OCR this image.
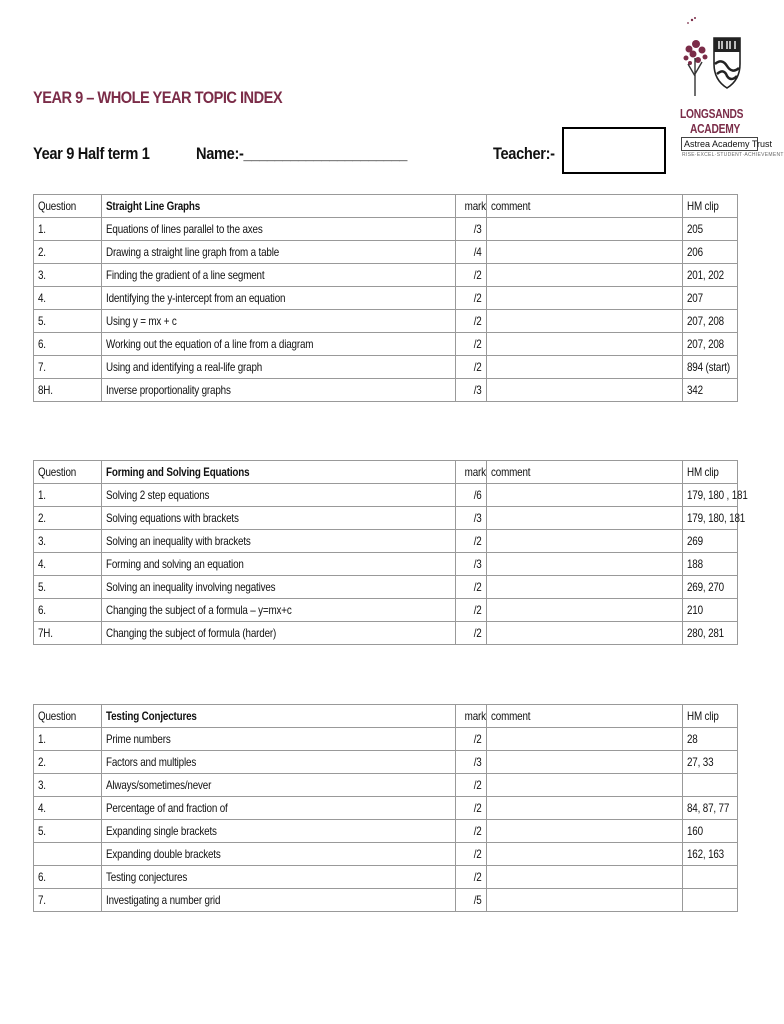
YEAR 9 – WHOLE YEAR TOPIC INDEX
Year 9 Half term 1	Name:-_____________________	Teacher:-
LONGSANDS
ACADEMY
Astrea Academy Trust
RISE·EXCEL·STUDENT·ACHIEVEMENT
Question	Straight Line Graphs	mark	comment	HM clip
1.	Equations of lines parallel to the axes	/3		205
2.	Drawing a straight line graph from a table	/4		206
3.	Finding the gradient of a line segment	/2		201, 202
4.	Identifying the y-intercept from an equation	/2		207
5.	Using y = mx + c	/2		207, 208
6.	Working out the equation of a line from a diagram	/2		207, 208
7.	Using and identifying a real-life graph	/2		894 (start)
8H.	Inverse proportionality graphs	/3		342
Question	Forming and Solving Equations	mark	comment	HM clip
1.	Solving 2 step equations	/6		179, 180 , 181
2.	Solving equations with brackets	/3		179, 180, 181
3.	Solving an inequality with brackets	/2		269
4.	Forming and solving an equation	/3		188
5.	Solving an inequality involving negatives	/2		269, 270
6.	Changing the subject of a formula – y=mx+c	/2		210
7H.	Changing the subject of formula (harder)	/2		280, 281
Question	Testing Conjectures	mark	comment	HM clip
1.	Prime numbers	/2		28
2.	Factors and multiples	/3		27, 33
3.	Always/sometimes/never	/2		
4.	Percentage of and fraction of	/2		84, 87, 77
5.	Expanding single brackets	/2		160
	Expanding double brackets	/2		162, 163
6.	Testing conjectures	/2		
7.	Investigating a number grid	/5		
